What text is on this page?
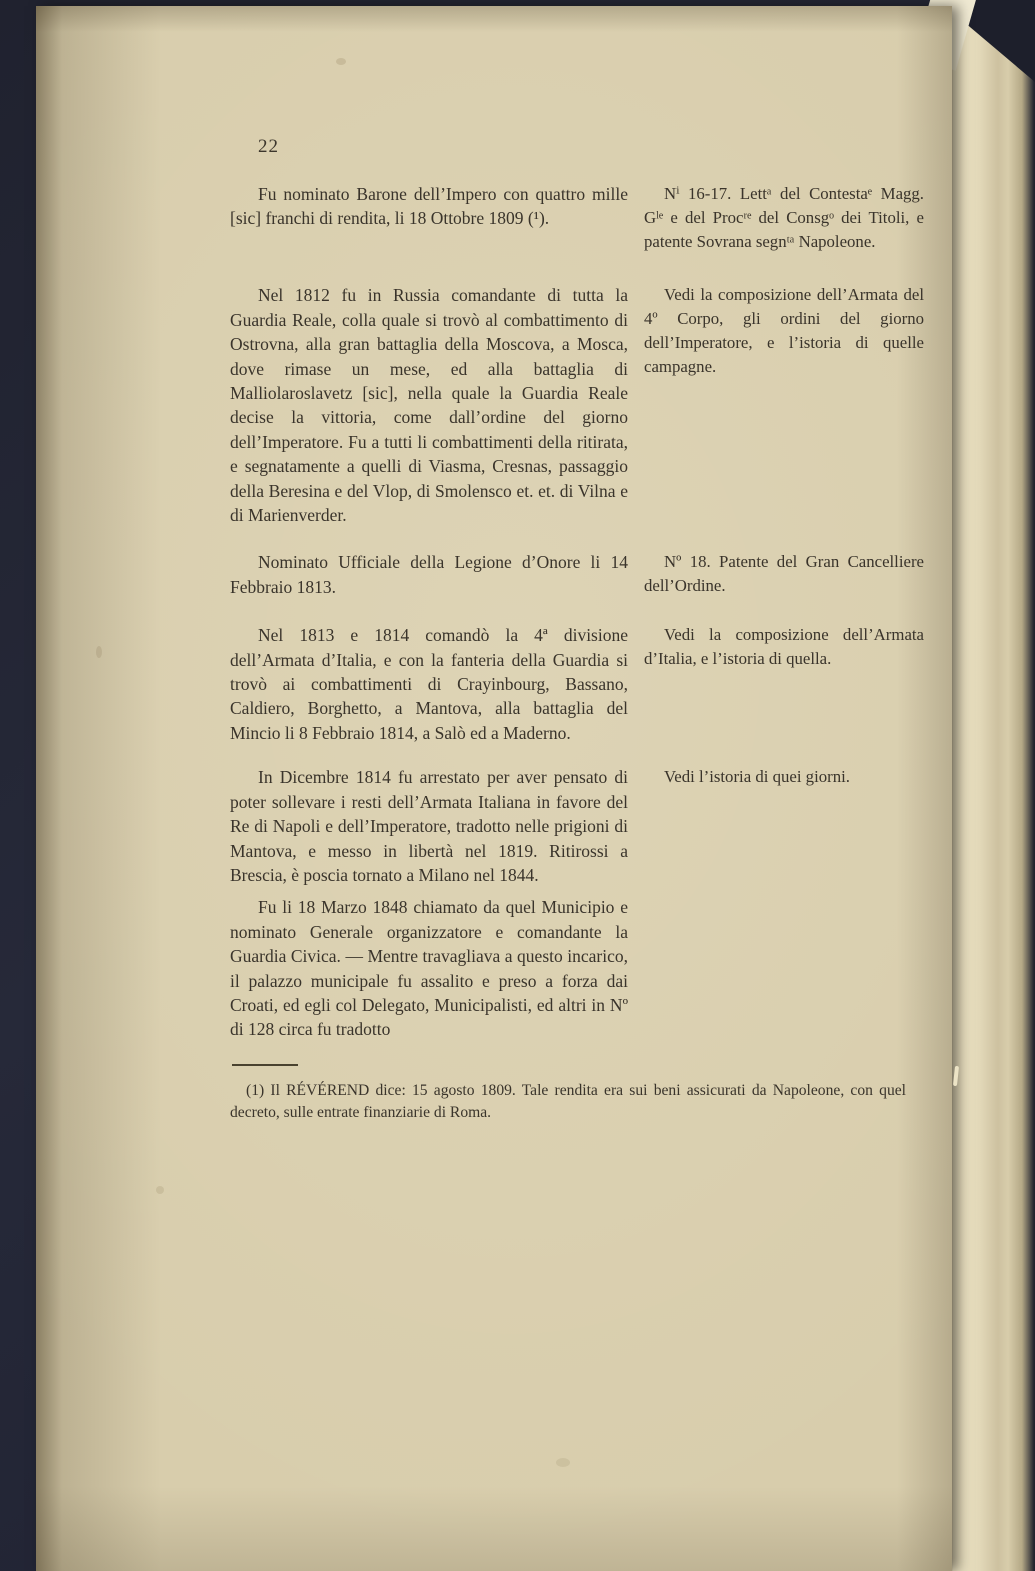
22

Fu nominato Barone dell’Impero con quattro mille [sic] franchi di rendita, li 18 Ottobre 1809 (¹).

Nⁱ 16-17. Lettᵃ del Contestaᵉ Magg. Gˡᵉ e del Procʳᵉ del Consgᵒ dei Titoli, e patente Sovrana segnᵗᵃ Napoleone.

Nel 1812 fu in Russia comandante di tutta la Guardia Reale, colla quale si trovò al combattimento di Ostrovna, alla gran battaglia della Moscova, a Mosca, dove rimase un mese, ed alla battaglia di Malliolaroslavetz [sic], nella quale la Guardia Reale decise la vittoria, come dall’ordine del giorno dell’Imperatore. Fu a tutti li combattimenti della ritirata, e segnatamente a quelli di Viasma, Cresnas, passaggio della Beresina e del Vlop, di Smolensco et. et. di Vilna e di Marienverder.

Vedi la composizione dell’Armata del 4º Corpo, gli ordini del giorno dell’Imperatore, e l’istoria di quelle campagne.

Nominato Ufficiale della Legione d’Onore li 14 Febbraio 1813.

Nº 18. Patente del Gran Cancelliere dell’Ordine.

Nel 1813 e 1814 comandò la 4ª divisione dell’Armata d’Italia, e con la fanteria della Guardia si trovò ai combattimenti di Crayinbourg, Bassano, Caldiero, Borghetto, a Mantova, alla battaglia del Mincio li 8 Febbraio 1814, a Salò ed a Maderno.

Vedi la composizione dell’Armata d’Italia, e l’istoria di quella.

In Dicembre 1814 fu arrestato per aver pensato di poter sollevare i resti dell’Armata Italiana in favore del Re di Napoli e dell’Imperatore, tradotto nelle prigioni di Mantova, e messo in libertà nel 1819. Ritirossi a Brescia, è poscia tornato a Milano nel 1844.

Vedi l’istoria di quei giorni.

Fu li 18 Marzo 1848 chiamato da quel Municipio e nominato Generale organizzatore e comandante la Guardia Civica. — Mentre travagliava a questo incarico, il palazzo municipale fu assalito e preso a forza dai Croati, ed egli col Delegato, Municipalisti, ed altri in Nº di 128 circa fu tradotto

(1) Il RÉVÉREND dice: 15 agosto 1809. Tale rendita era sui beni assicurati da Napoleone, con quel decreto, sulle entrate finanziarie di Roma.
